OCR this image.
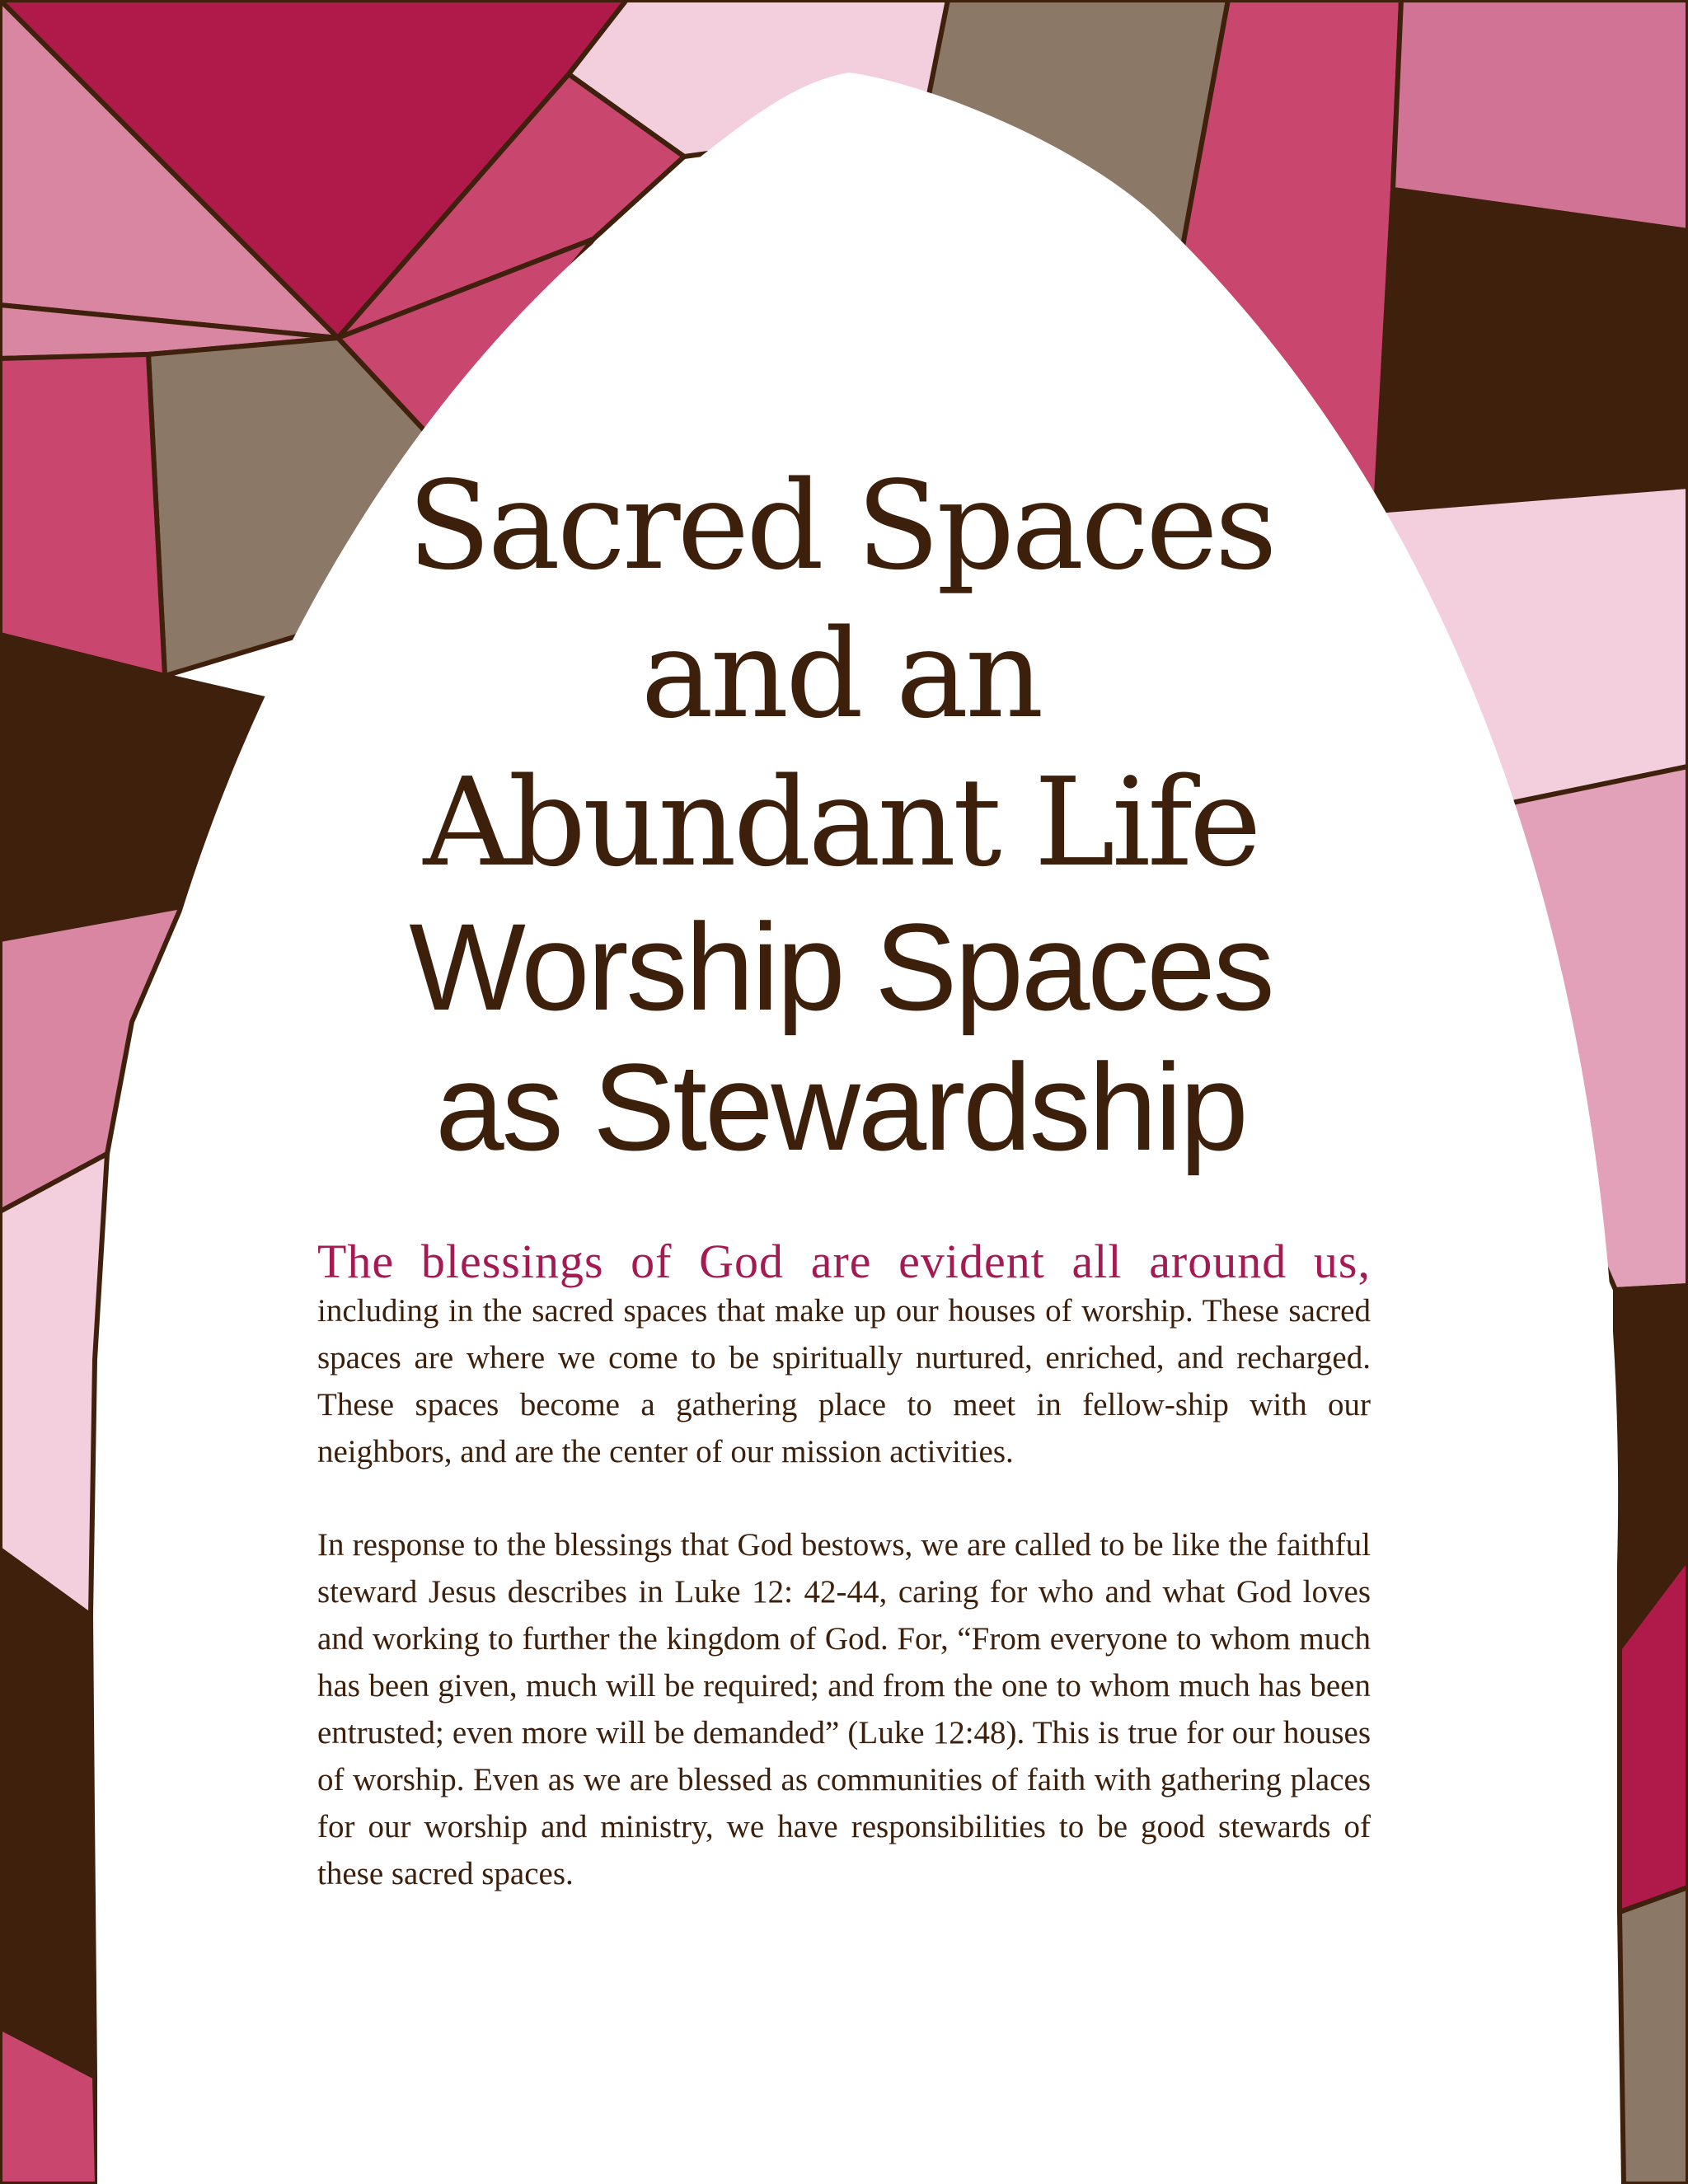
Sacred Spaces
and an
Abundant Life
Worship Spaces
as Stewardship
The blessings of God are evident all around us,

including in the sacred spaces that make up our houses of worship. These sacred spaces are where we come to be spiritually nurtured, enriched, and recharged. These spaces become a gathering place to meet in fellow-ship with our neighbors, and are the center of our mission activities.

In response to the blessings that God bestows, we are called to be like the faithful steward Jesus describes in Luke 12: 42-44, caring for who and what God loves and working to further the kingdom of God. For, “From everyone to whom much has been given, much will be required; and from the one to whom much has been entrusted; even more will be demanded” (Luke 12:48). This is true for our houses of worship. Even as we are blessed as communities of faith with gathering places for our worship and ministry, we have responsibilities to be good stewards of these sacred spaces.
